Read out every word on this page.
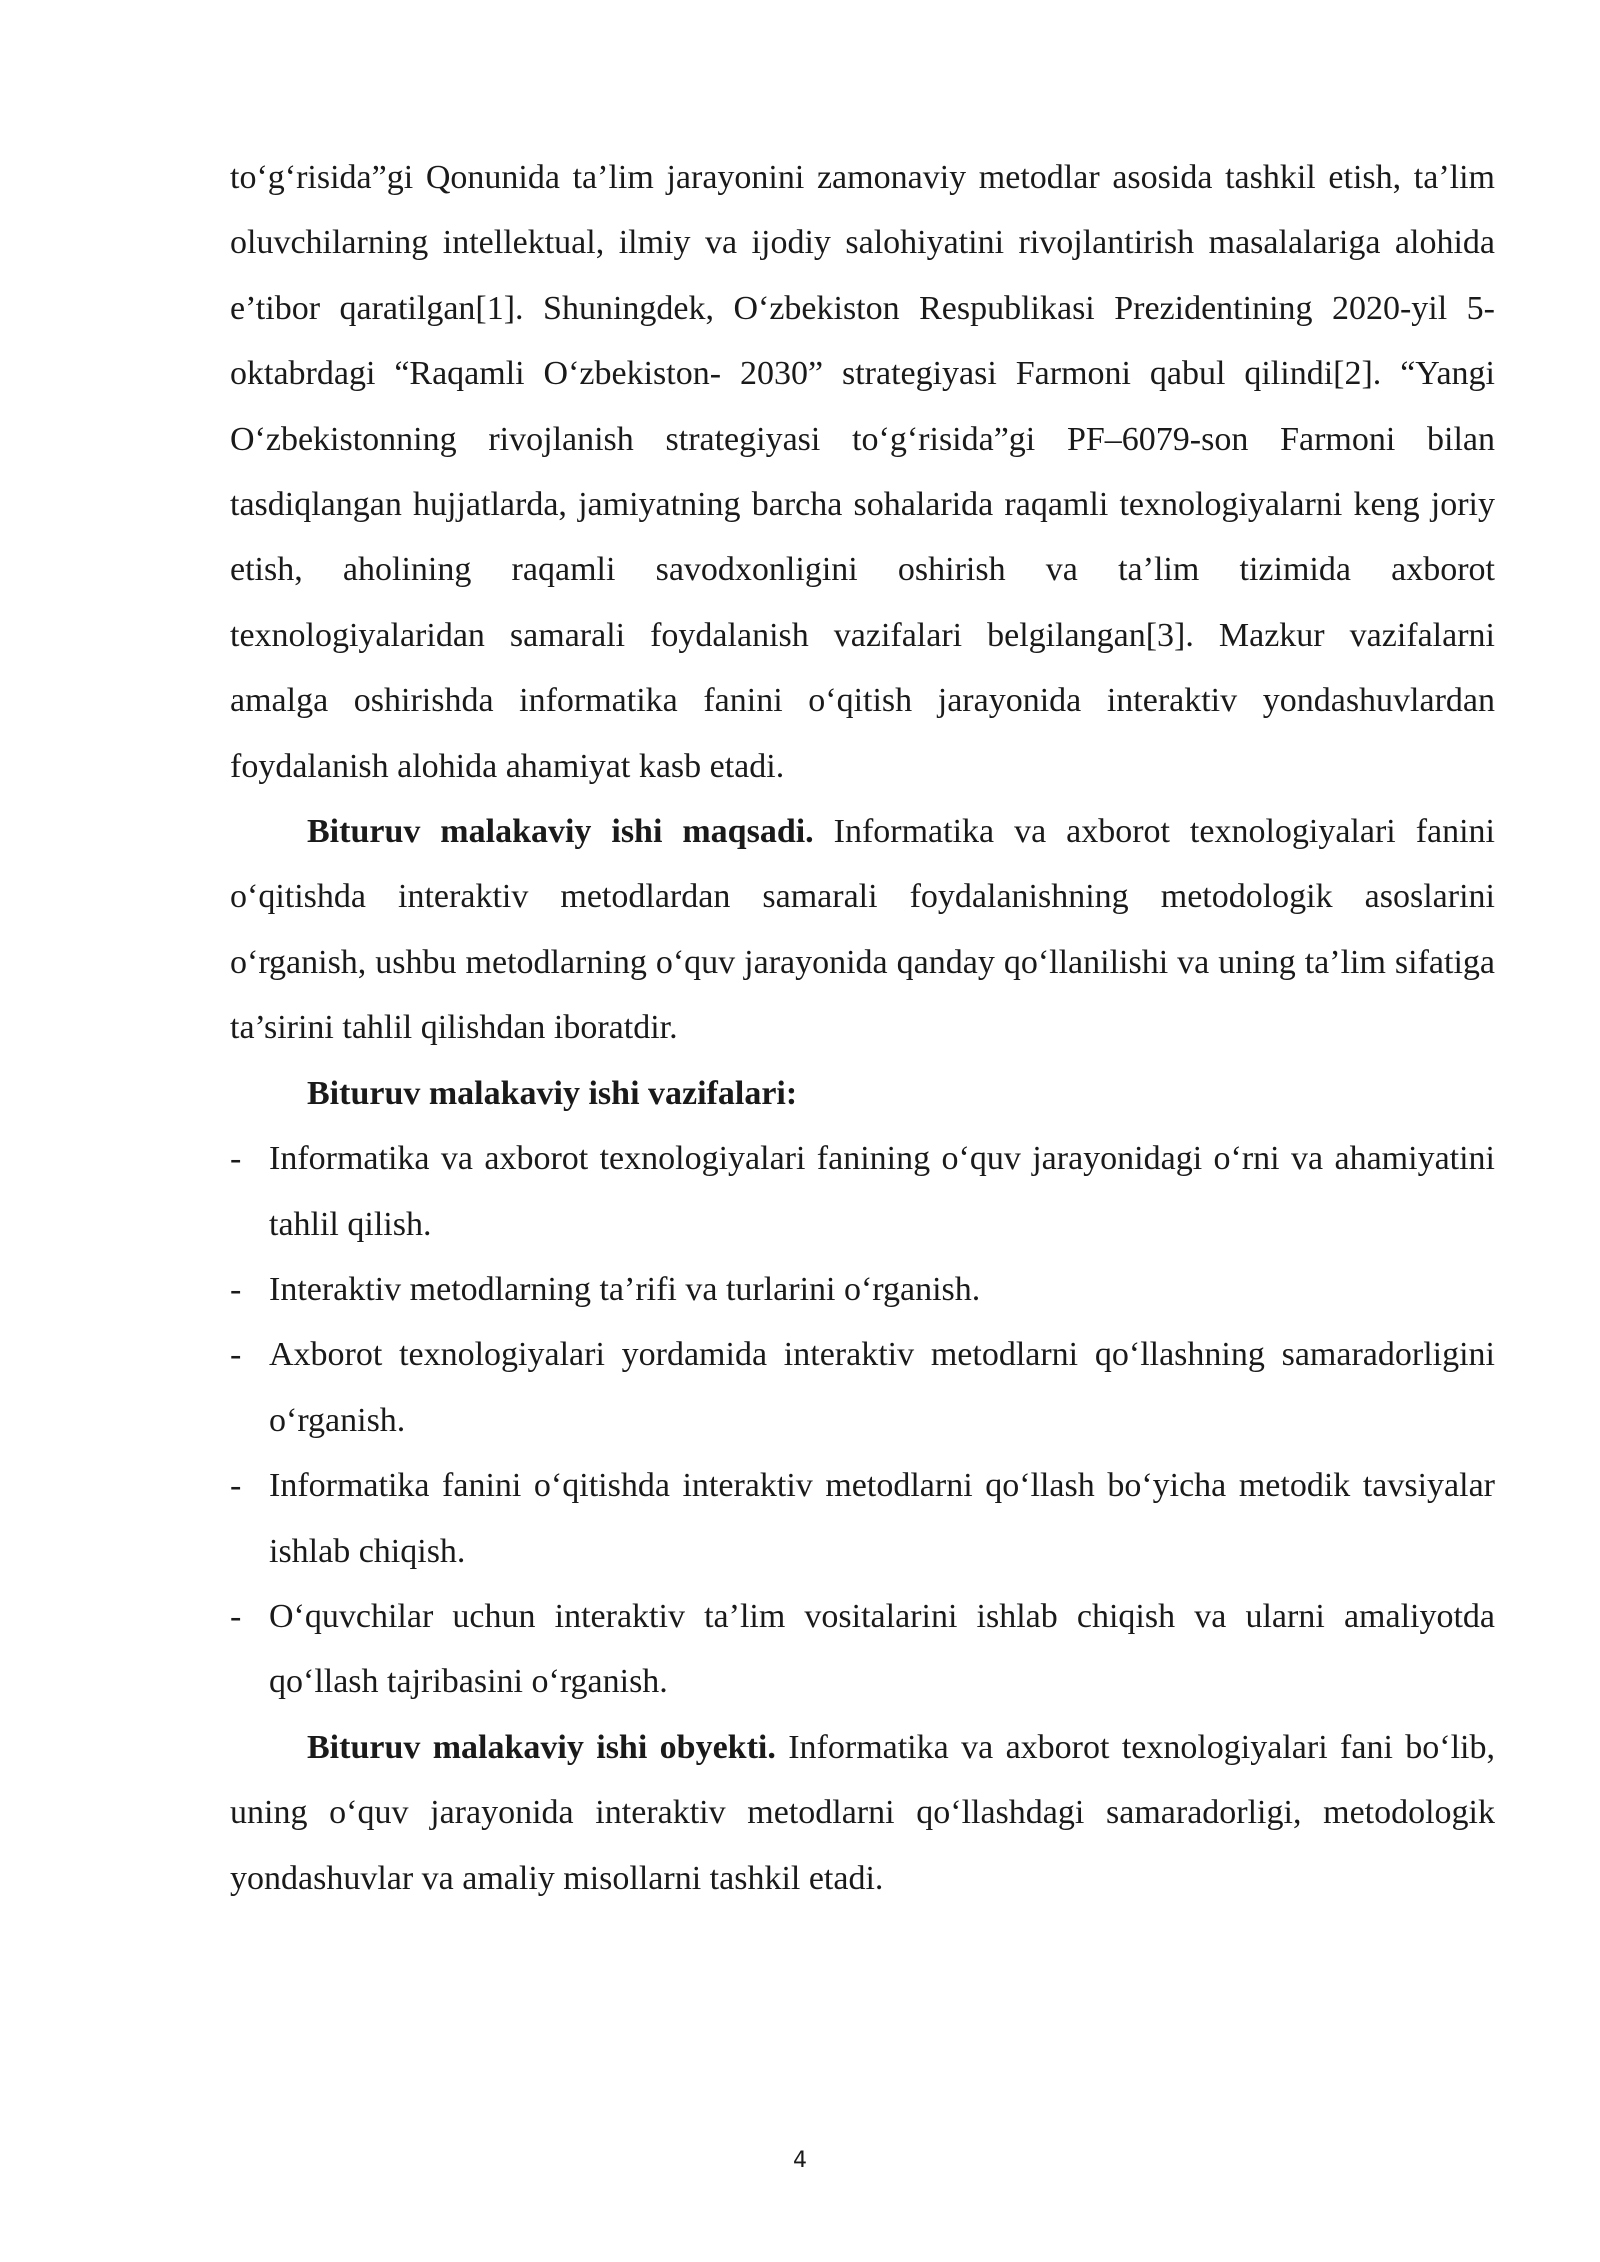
to‘g‘risida”gi Qonunida ta’lim jarayonini zamonaviy metodlar asosida tashkil etish, ta’lim oluvchilarning intellektual, ilmiy va ijodiy salohiyatini rivojlantirish masalalariga alohida e’tibor qaratilgan[1]. Shuningdek, O‘zbekiston Respublikasi Prezidentining 2020-yil 5-oktabrdagi “Raqamli O‘zbekiston- 2030” strategiyasi Farmoni qabul qilindi[2]. “Yangi O‘zbekistonning rivojlanish strategiyasi to‘g‘risida”gi PF–6079-son Farmoni bilan tasdiqlangan hujjatlarda, jamiyatning barcha sohalarida raqamli texnologiyalarni keng joriy etish, aholining raqamli savodxonligini oshirish va ta’lim tizimida axborot texnologiyalaridan samarali foydalanish vazifalari belgilangan[3]. Mazkur vazifalarni amalga oshirishda informatika fanini o‘qitish jarayonida interaktiv yondashuvlardan foydalanish alohida ahamiyat kasb etadi.

Bituruv malakaviy ishi maqsadi. Informatika va axborot texnologiyalari fanini o‘qitishda interaktiv metodlardan samarali foydalanishning metodologik asoslarini o‘rganish, ushbu metodlarning o‘quv jarayonida qanday qo‘llanilishi va uning ta’lim sifatiga ta’sirini tahlil qilishdan iboratdir.

Bituruv malakaviy ishi vazifalari:

- Informatika va axborot texnologiyalari fanining o‘quv jarayonidagi o‘rni va ahamiyatini tahlil qilish.
- Interaktiv metodlarning ta’rifi va turlarini o‘rganish.
- Axborot texnologiyalari yordamida interaktiv metodlarni qo‘llashning samaradorligini o‘rganish.
- Informatika fanini o‘qitishda interaktiv metodlarni qo‘llash bo‘yicha metodik tavsiyalar ishlab chiqish.
- O‘quvchilar uchun interaktiv ta’lim vositalarini ishlab chiqish va ularni amaliyotda qo‘llash tajribasini o‘rganish.

Bituruv malakaviy ishi obyekti. Informatika va axborot texnologiyalari fani bo‘lib, uning o‘quv jarayonida interaktiv metodlarni qo‘llashdagi samaradorligi, metodologik yondashuvlar va amaliy misollarni tashkil etadi.

4
